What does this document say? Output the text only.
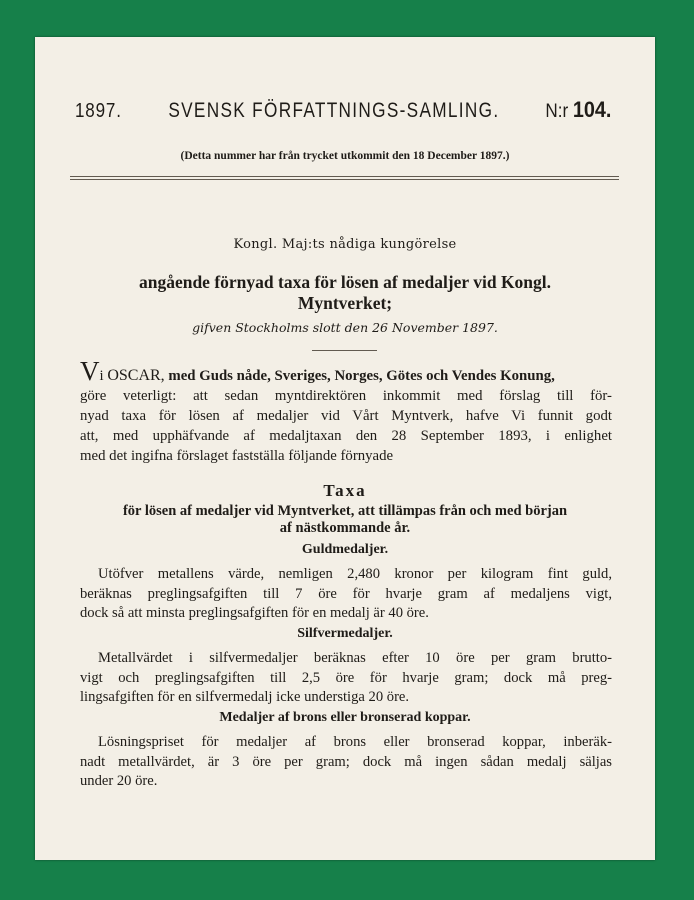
1897. SVENSK FÖRFATTNINGS-SAMLING. N:r 104.
(Detta nummer har från trycket utkommit den 18 December 1897.)
Kongl. Maj:ts nådiga kungörelse
angående förnyad taxa för lösen af medaljer vid Kongl.
Myntverket;
gifven Stockholms slott den 26 November 1897.
Vi OSCAR, med Guds nåde, Sveriges, Norges, Götes och Vendes Konung,
göre veterligt: att sedan myntdirektören inkommit med förslag till för-
nyad taxa för lösen af medaljer vid Vårt Myntverk, hafve Vi funnit godt
att, med upphäfvande af medaljtaxan den 28 September 1893, i enlighet
med det ingifna förslaget fastställa följande förnyade
Taxa
för lösen af medaljer vid Myntverket, att tillämpas från och med början
af nästkommande år.
Guldmedaljer.
Utöfver metallens värde, nemligen 2,480 kronor per kilogram fint guld,
beräknas preglingsafgiften till 7 öre för hvarje gram af medaljens vigt,
dock så att minsta preglingsafgiften för en medalj är 40 öre.
Silfvermedaljer.
Metallvärdet i silfvermedaljer beräknas efter 10 öre per gram brutto-
vigt och preglingsafgiften till 2,5 öre för hvarje gram; dock må preg-
lingsafgiften för en silfvermedalj icke understiga 20 öre.
Medaljer af brons eller bronserad koppar.
Lösningspriset för medaljer af brons eller bronserad koppar, inberäk-
nadt metallvärdet, är 3 öre per gram; dock må ingen sådan medalj säljas
under 20 öre.
